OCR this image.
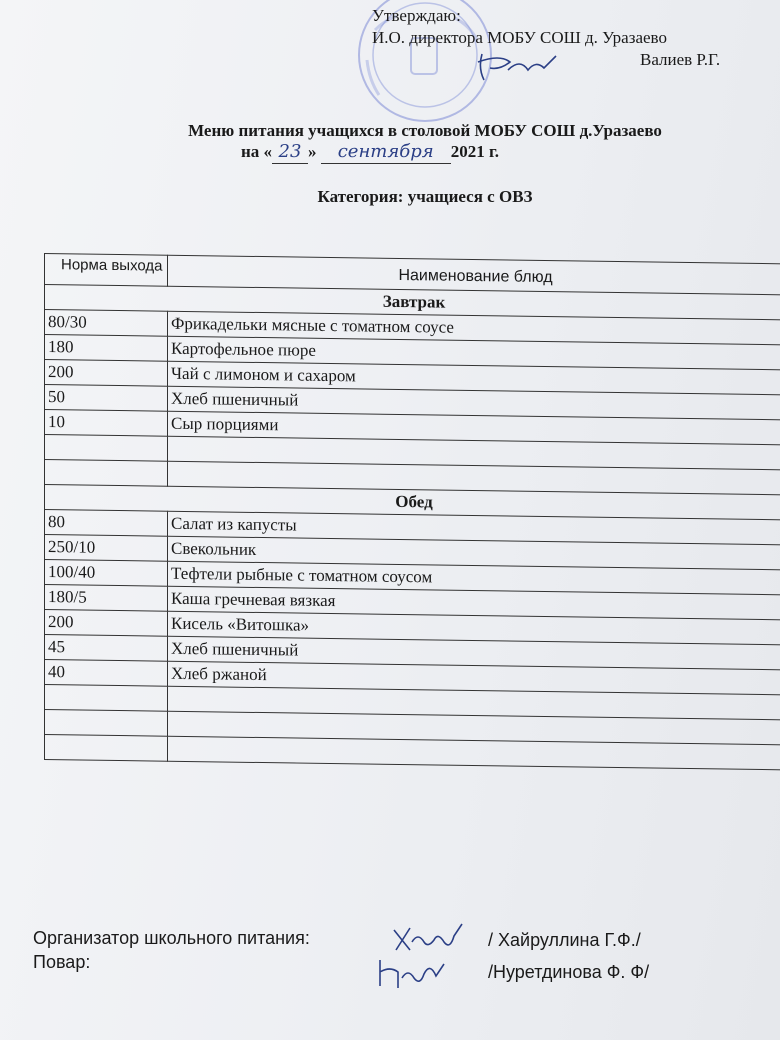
Утверждаю:
И.О. директора МОБУ СОШ д. Уразаево
Валиев Р.Г.
Меню питания учащихся в столовой МОБУ СОШ д.Уразаево
на « 23 » сентября 2021 г.
Категория: учащиеся с ОВЗ
Норма выхода	Наименование блюд
Завтрак	
80/30	Фрикадельки мясные с томатном соусе
180	Картофельное пюре
200	Чай с лимоном и сахаром
50	Хлеб пшеничный
10	Сыр порциями

Обед	
80	Салат из капусты
250/10	Свекольник
100/40	Тефтели рыбные с томатном соусом
180/5	Каша гречневая вязкая
200	Кисель «Витошка»
45	Хлеб пшеничный
40	Хлеб ржаной

Организатор школьного питания:
Повар:
/ Хайруллина Г.Ф./
/Нуретдинова Ф. Ф/
